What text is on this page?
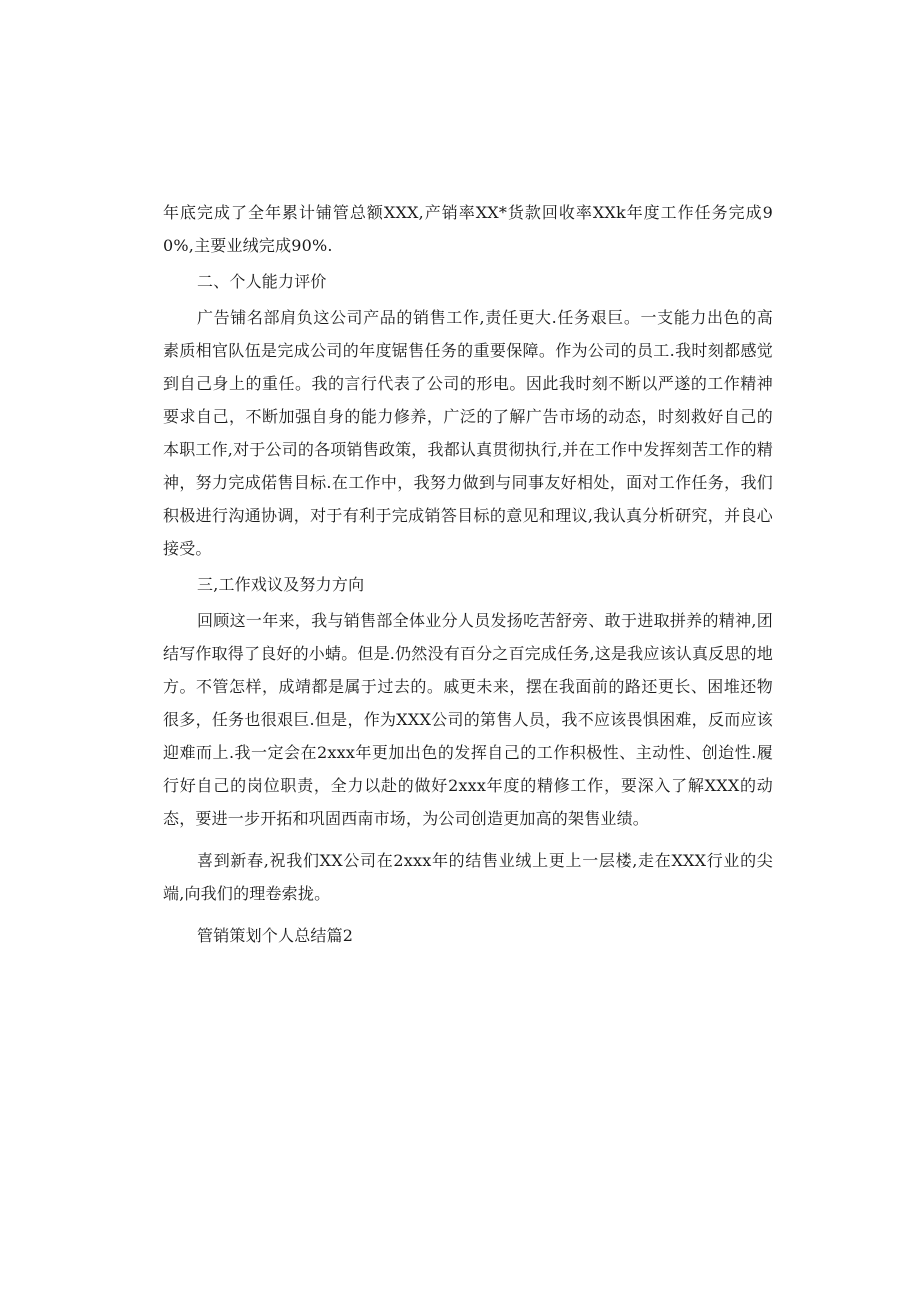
年底完成了全年累计铺管总额XXX,产销率XX*货款回收率XXk年度工作任务完成90%,主要业绒完成90%.

二、个人能力评价

广告铺名部肩负这公司产品的销售工作,责任更大.任务艰巨。一支能力出色的高素质相官队伍是完成公司的年度锯售任务的重要保障。作为公司的员工.我时刻都感觉到自己身上的重任。我的言行代表了公司的形电。因此我时刻不断以严遂的工作精神要求自己，不断加强自身的能力修养，广泛的了解广告市场的动态，时刻救好自己的本职工作,对于公司的各项销售政策，我都认真贯彻执行,并在工作中发挥刻苦工作的精神，努力完成偌售目标.在工作中，我努力做到与同事友好相处，面对工作任务，我们积极进行沟通协调，对于有利于完成销答目标的意见和理议,我认真分析研究，并良心接受。

三,工作戏议及努力方向

回顾这一年来，我与销售部全体业分人员发扬吃苦舒旁、敢于进取拼养的精神,团结写作取得了良好的小蜻。但是.仍然没有百分之百完成任务,这是我应该认真反思的地方。不管怎样，成靖都是属于过去的。戚更未来，摆在我面前的路还更长、困堆还物很多，任务也很艰巨.但是，作为XXX公司的第售人员，我不应该畏惧困难，反而应该迎难而上.我一定会在2xxx年更加出色的发挥自己的工作积极性、主动性、创迨性.履行好自己的岗位职责，全力以赴的做好2xxx年度的精修工作，要深入了解XXX的动态，要进一步开拓和巩固西南市场，为公司创造更加高的架售业绩。

喜到新春,祝我们XX公司在2xxx年的结售业绒上更上一层楼,走在XXX行业的尖端,向我们的理卷索拢。

管销策划个人总结篇2
